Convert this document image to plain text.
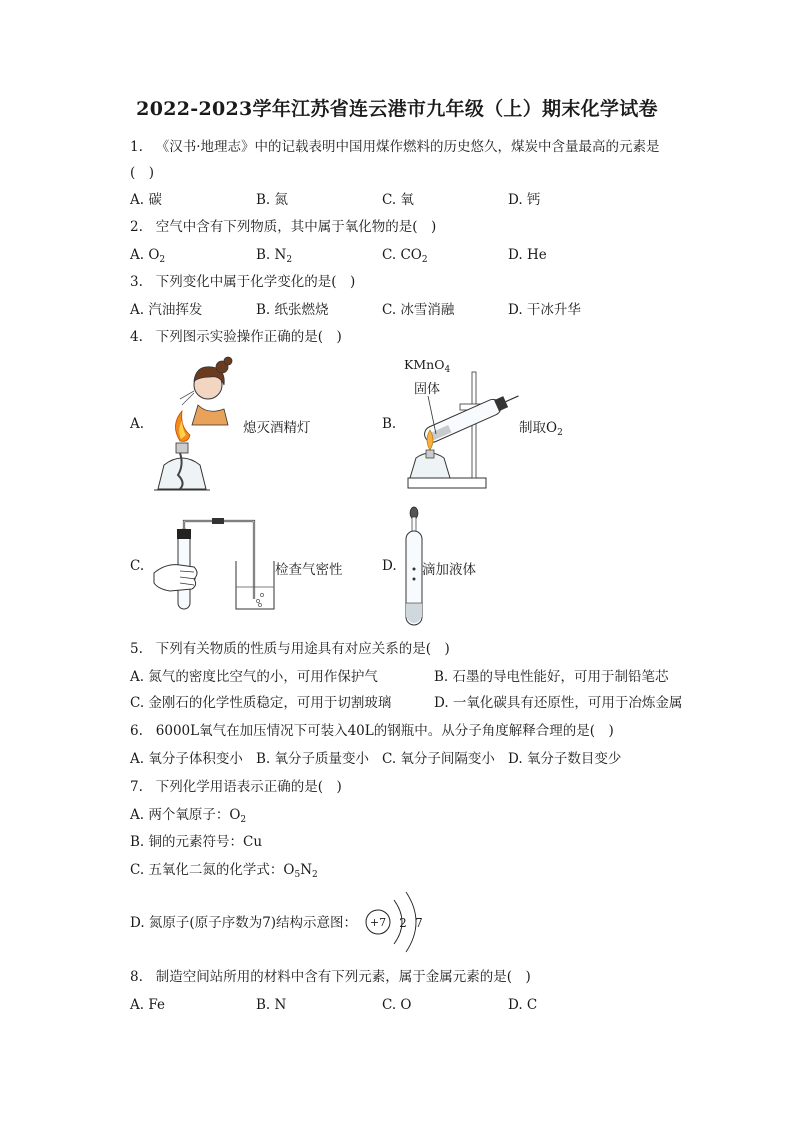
2022-2023学年江苏省连云港市九年级（上）期末化学试卷
1. 《汉书·地理志》中的记载表明中国用煤作燃料的历史悠久，煤炭中含量最高的元素是
(　)
A. 碳	B. 氮	C. 氧	D. 钙
2. 空气中含有下列物质，其中属于氧化物的是(　)
A. $O_2$	B. $N_2$	C. $CO_2$	D. He
3. 下列变化中属于化学变化的是(　)
A. 汽油挥发	B. 纸张燃烧	C. 冰雪消融	D. 干冰升华
4. 下列图示实验操作正确的是(　)
A.	熄灭酒精灯	B.
KMnO$_4$
固体
制取$O_2$
C.	检查气密性	D. 滴加液体
5. 下列有关物质的性质与用途具有对应关系的是(　)
A. 氮气的密度比空气的小，可用作保护气	B. 石墨的导电性能好，可用于制铅笔芯
C. 金刚石的化学性质稳定，可用于切割玻璃	D. 一氧化碳具有还原性，可用于冶炼金属
6. 6000L氧气在加压情况下可装入40L的钢瓶中。从分子角度解释合理的是(　)
A. 氧分子体积变小 B. 氧分子质量变小 C. 氧分子间隔变小 D. 氧分子数目变少
7. 下列化学用语表示正确的是(　)
A. 两个氧原子：$O_2$
B. 铜的元素符号：Cu
C. 五氧化二氮的化学式：$O_5N_2$
D. 氮原子(原子序数为7)结构示意图： +7 2 7
8. 制造空间站所用的材料中含有下列元素，属于金属元素的是(　)
A. Fe	B. N	C. O	D. C
